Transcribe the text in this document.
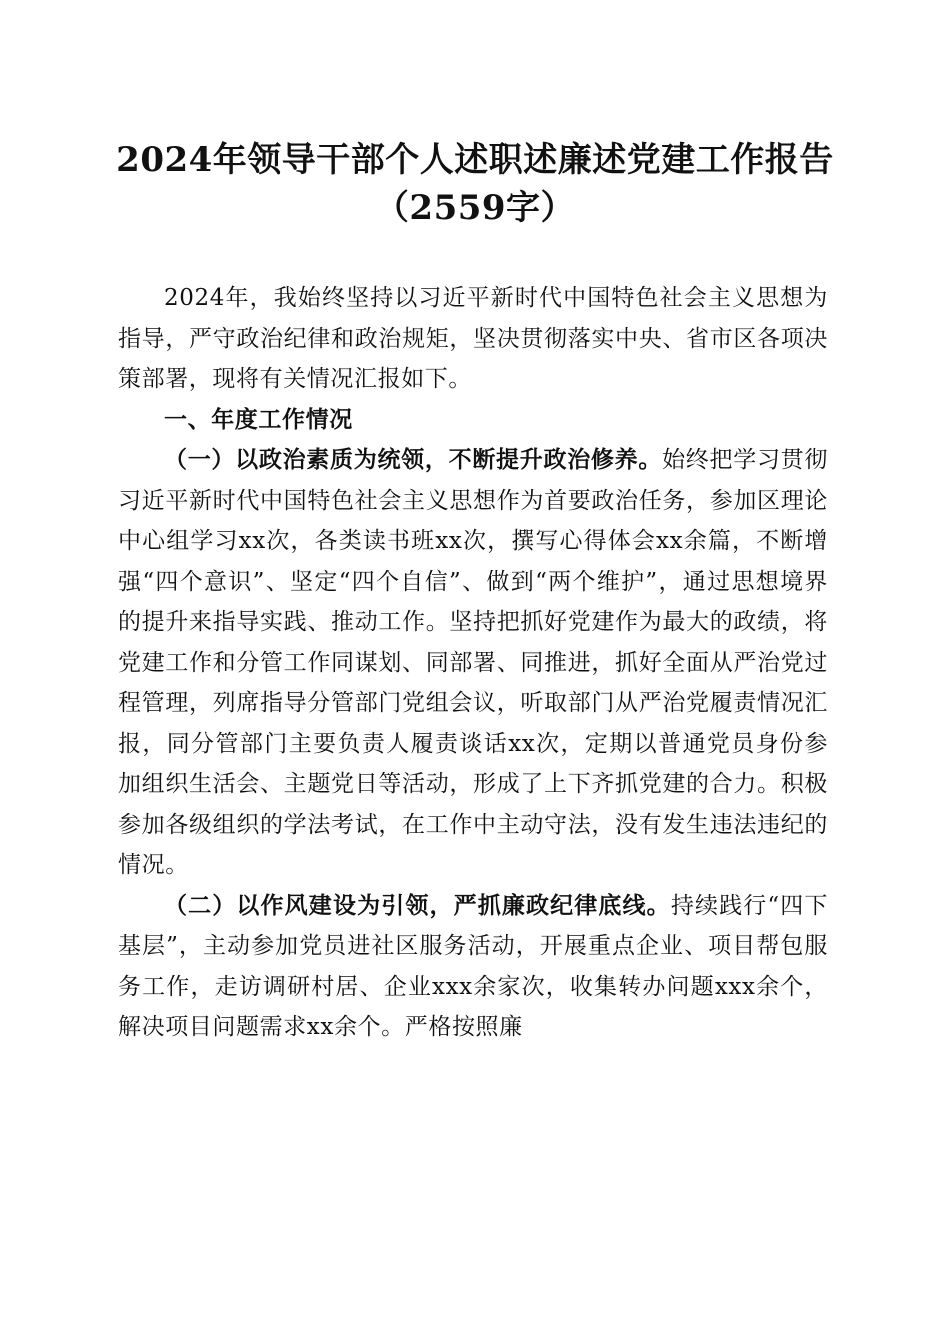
2024年领导干部个人述职述廉述党建工作报告（2559字）

2024年，我始终坚持以习近平新时代中国特色社会主义思想为指导，严守政治纪律和政治规矩，坚决贯彻落实中央、省市区各项决策部署，现将有关情况汇报如下。

一、年度工作情况

（一）以政治素质为统领，不断提升政治修养。始终把学习贯彻习近平新时代中国特色社会主义思想作为首要政治任务，参加区理论中心组学习xx次，各类读书班xx次，撰写心得体会xx余篇，不断增强“四个意识”、坚定“四个自信”、做到“两个维护”，通过思想境界的提升来指导实践、推动工作。坚持把抓好党建作为最大的政绩，将党建工作和分管工作同谋划、同部署、同推进，抓好全面从严治党过程管理，列席指导分管部门党组会议，听取部门从严治党履责情况汇报，同分管部门主要负责人履责谈话xx次，定期以普通党员身份参加组织生活会、主题党日等活动，形成了上下齐抓党建的合力。积极参加各级组织的学法考试，在工作中主动守法，没有发生违法违纪的情况。

（二）以作风建设为引领，严抓廉政纪律底线。持续践行“四下基层”，主动参加党员进社区服务活动，开展重点企业、项目帮包服务工作，走访调研村居、企业xxx余家次，收集转办问题xxx余个，解决项目问题需求xx余个。严格按照廉
